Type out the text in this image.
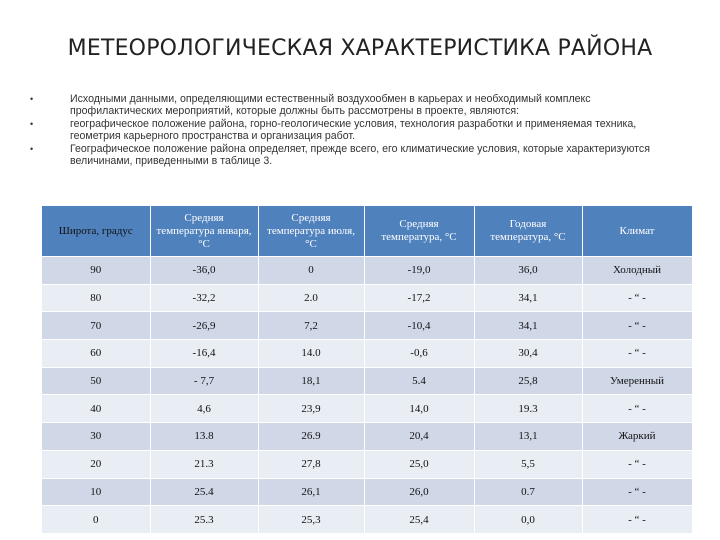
МЕТЕОРОЛОГИЧЕСКАЯ ХАРАКТЕРИСТИКА РАЙОНА
•	Исходными данными, определяющими естественный воздухообмен в карьерах и необходимый комплекс профилактических мероприятий, которые должны быть рассмотрены в проекте, являются:
•	географическое положение района, горно-геологические условия, технология разработки и применяемая техника, геометрия карьерного пространства и организация работ.
•	Географическое положение района определяет, прежде всего, его климатические условия, которые характеризуются величинами, приведенными в таблице 3.
Широта, градус	Средняя температура января, °С	Средняя температура июля, °С	Средняя температура, °С	Годовая температура, °С	Климат
90	-36,0	0	-19,0	36,0	Холодный
80	-32,2	2.0	-17,2	34,1	- “ -
70	-26,9	7,2	-10,4	34,1	- “ -
60	-16,4	14.0	-0,6	30,4	- “ -
50	- 7,7	18,1	5.4	25,8	Умеренный
40	4,6	23,9	14,0	19.3	- “ -
30	13.8	26.9	20,4	13,1	Жаркий
20	21.3	27,8	25,0	5,5	- “ -
10	25.4	26,1	26,0	0.7	- “ -
0	25.3	25,3	25,4	0,0	- “ -
